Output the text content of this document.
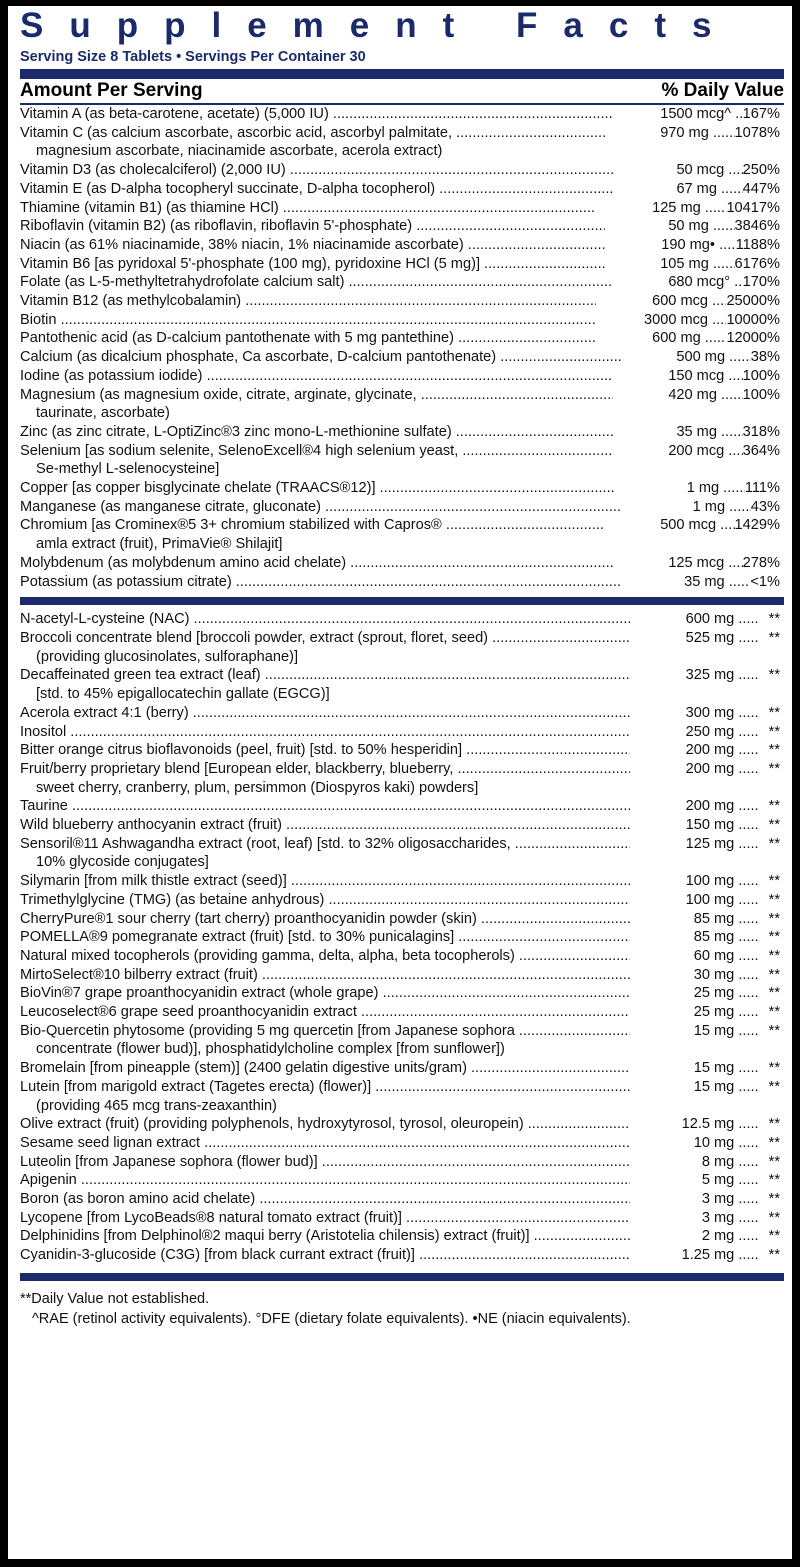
Supplement Facts
Serving Size 8 Tablets • Servings Per Container 30
Amount Per Serving	% Daily Value
Vitamin A (as beta-carotene, acetate) (5,000 IU) .....	1500 mcg^ ..... 167%
Vitamin C (as calcium ascorbate, ascorbic acid, ascorbyl palmitate, .....
magnesium ascorbate, niacinamide ascorbate, acerola extract)
970 mg .....	1078%
Vitamin D3 (as cholecalciferol) (2,000 IU) .....	50 mcg .....	250%
Vitamin E (as D-alpha tocopheryl succinate, D-alpha tocopherol) .....	67 mg .....	447%
Thiamine (vitamin B1) (as thiamine HCl) .....	125 mg .....	10417%
Riboflavin (vitamin B2) (as riboflavin, riboflavin 5'-phosphate) .....	50 mg .....	3846%
Niacin (as 61% niacinamide, 38% niacin, 1% niacinamide ascorbate) .....	190 mg• .....	1188%
Vitamin B6 [as pyridoxal 5'-phosphate (100 mg), pyridoxine HCl (5 mg)] .....	105 mg .....	6176%
Folate (as L-5-methyltetrahydrofolate calcium salt) .....	680 mcg° ..... 170%
Vitamin B12 (as methylcobalamin) .....	600 mcg .....	25000%
Biotin .....	3000 mcg .....	10000%
Pantothenic acid (as D-calcium pantothenate with 5 mg pantethine) .....	600 mg .....	12000%
Calcium (as dicalcium phosphate, Ca ascorbate, D-calcium pantothenate) .....	500 mg .....	38%
Iodine (as potassium iodide) .....	150 mcg .....	100%
Magnesium (as magnesium oxide, citrate, arginate, glycinate, .....
taurinate, ascorbate)
420 mg .....	100%
Zinc (as zinc citrate, L-OptiZinc®3 zinc mono-L-methionine sulfate) .....	35 mg .....	318%
Selenium [as sodium selenite, SelenoExcell®4 high selenium yeast, .....
Se-methyl L-selenocysteine]
200 mcg .....	364%
Copper [as copper bisglycinate chelate (TRAACS®12)] .....	1 mg .....	111%
Manganese (as manganese citrate, gluconate) .....	1 mg .....	43%
Chromium [as Crominex®5 3+ chromium stabilized with Capros® .....
amla extract (fruit), PrimaVie® Shilajit]
500 mcg .....	1429%
Molybdenum (as molybdenum amino acid chelate) .....	125 mcg .....	278%
Potassium (as potassium citrate) .....	35 mg .....	<1%
N-acetyl-L-cysteine (NAC) .....	600 mg .....	**
Broccoli concentrate blend [broccoli powder, extract (sprout, floret, seed) .....
(providing glucosinolates, sulforaphane)]
525 mg .....	**
Decaffeinated green tea extract (leaf) .....
[std. to 45% epigallocatechin gallate (EGCG)]
325 mg .....	**
Acerola extract 4:1 (berry) .....	300 mg .....	**
Inositol .....	250 mg .....	**
Bitter orange citrus bioflavonoids (peel, fruit) [std. to 50% hesperidin] .....	200 mg .....	**
Fruit/berry proprietary blend [European elder, blackberry, blueberry, .....
sweet cherry, cranberry, plum, persimmon (Diospyros kaki) powders]
200 mg .....	**
Taurine .....	200 mg .....	**
Wild blueberry anthocyanin extract (fruit) .....	150 mg .....	**
Sensoril®11 Ashwagandha extract (root, leaf) [std. to 32% oligosaccharides, .....
10% glycoside conjugates]
125 mg .....	**
Silymarin [from milk thistle extract (seed)] .....	100 mg .....	**
Trimethylglycine (TMG) (as betaine anhydrous) .....	100 mg .....	**
CherryPure®1 sour cherry (tart cherry) proanthocyanidin powder (skin) .....	85 mg .....	**
POMELLA®9 pomegranate extract (fruit) [std. to 30% punicalagins] .....	85 mg .....	**
Natural mixed tocopherols (providing gamma, delta, alpha, beta tocopherols) .....	60 mg .....	**
MirtoSelect®10 bilberry extract (fruit) .....	30 mg .....	**
BioVin®7 grape proanthocyanidin extract (whole grape) .....	25 mg .....	**
Leucoselect®6 grape seed proanthocyanidin extract .....	25 mg .....	**
Bio-Quercetin phytosome (providing 5 mg quercetin [from Japanese sophora .....
concentrate (flower bud)], phosphatidylcholine complex [from sunflower])
15 mg .....	**
Bromelain [from pineapple (stem)] (2400 gelatin digestive units/gram) .....	15 mg .....	**
Lutein [from marigold extract (Tagetes erecta) (flower)] .....
(providing 465 mcg trans-zeaxanthin)
15 mg .....	**
Olive extract (fruit) (providing polyphenols, hydroxytyrosol, tyrosol, oleuropein) .....	12.5 mg .....	**
Sesame seed lignan extract .....	10 mg .....	**
Luteolin [from Japanese sophora (flower bud)] .....	8 mg .....	**
Apigenin .....	5 mg .....	**
Boron (as boron amino acid chelate) .....	3 mg .....	**
Lycopene [from LycoBeads®8 natural tomato extract (fruit)] .....	3 mg .....	**
Delphinidins [from Delphinol®2 maqui berry (Aristotelia chilensis) extract (fruit)] .....	2 mg .....	**
Cyanidin-3-glucoside (C3G) [from black currant extract (fruit)] .....	1.25 mg .....	**
**Daily Value not established.
^RAE (retinol activity equivalents). °DFE (dietary folate equivalents). •NE (niacin equivalents).
